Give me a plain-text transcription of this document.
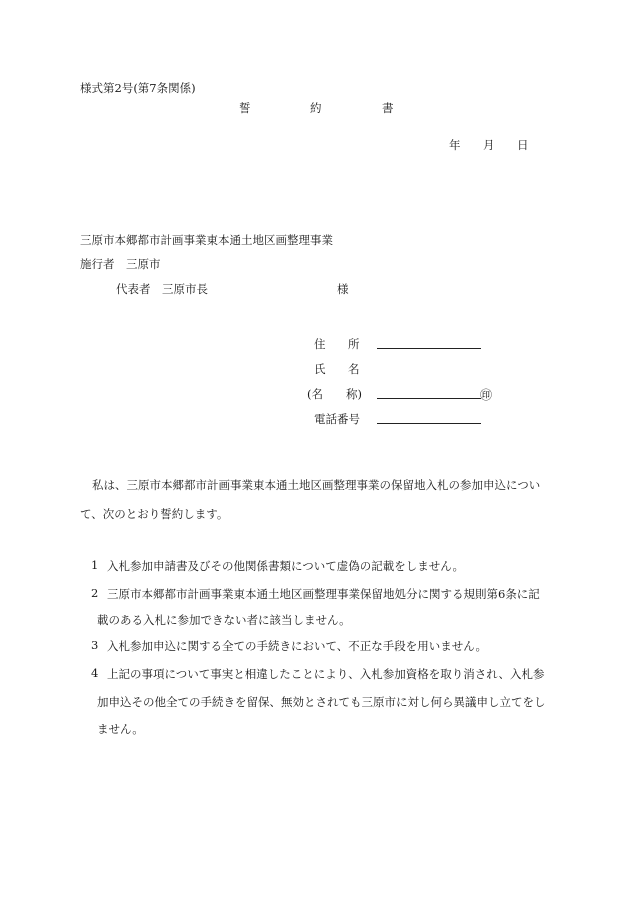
様式第2号(第7条関係)
誓	約	書
年 月 日
三原市本郷都市計画事業東本通土地区画整理事業
施行者　三原市
代表者　三原市長	様
住 所
氏 名
(名 称)	㊞
電話番号
私は、三原市本郷都市計画事業東本通土地区画整理事業の保留地入札の参加申込につい
て、次のとおり誓約します。
1 入札参加申請書及びその他関係書類について虚偽の記載をしません。
2 三原市本郷都市計画事業東本通土地区画整理事業保留地処分に関する規則第6条に記
載のある入札に参加できない者に該当しません。
3 入札参加申込に関する全ての手続きにおいて、不正な手段を用いません。
4 上記の事項について事実と相違したことにより、入札参加資格を取り消され、入札参
加申込その他全ての手続きを留保、無効とされても三原市に対し何ら異議申し立てをし
ません。
